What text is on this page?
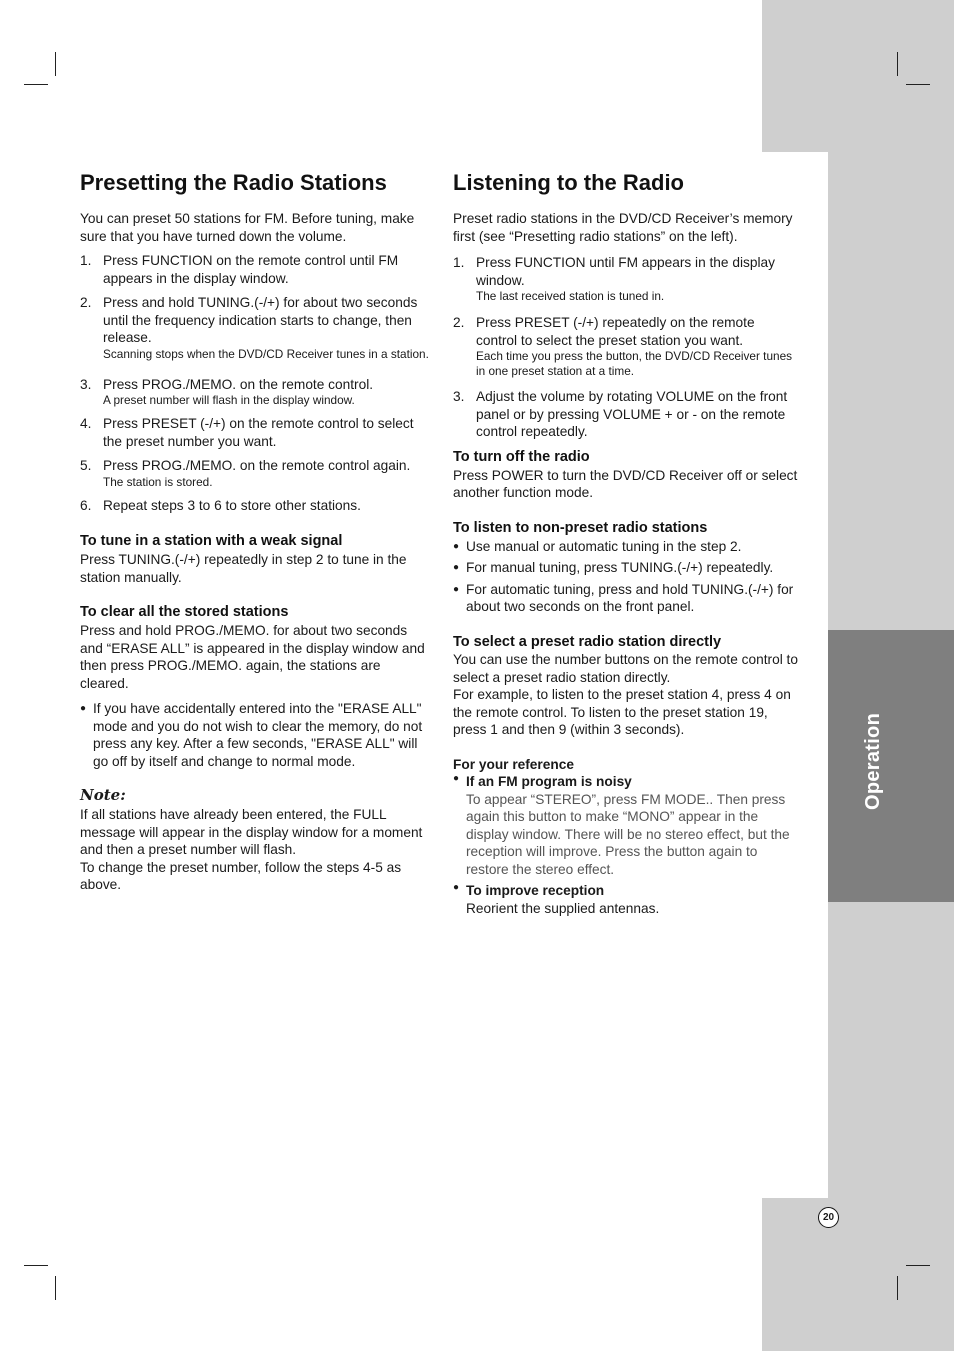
Operation
20
Presetting the Radio Stations

You can preset 50 stations for FM. Before tuning, make sure that you have turned down the volume.

1. Press FUNCTION on the remote control until FM appears in the display window.
2. Press and hold TUNING.(-/+) for about two seconds until the frequency indication starts to change, then release.
Scanning stops when the DVD/CD Receiver tunes in a station.
3. Press PROG./MEMO. on the remote control.
A preset number will flash in the display window.
4. Press PRESET (-/+) on the remote control to select the preset number you want.
5. Press PROG./MEMO. on the remote control again.
The station is stored.
6. Repeat steps 3 to 6 to store other stations.
To tune in a station with a weak signal

Press TUNING.(-/+) repeatedly in step 2 to tune in the station manually.

To clear all the stored stations

Press and hold PROG./MEMO. for about two seconds and “ERASE ALL” is appeared in the display window and then press PROG./MEMO. again, the stations are cleared.

● If you have accidentally entered into the "ERASE ALL" mode and you do not wish to clear the memory, do not press any key. After a few seconds, "ERASE ALL" will go off by itself and change to normal mode.
Note:

If all stations have already been entered, the FULL message will appear in the display window for a moment and then a preset number will flash.

To change the preset number, follow the steps 4-5 as above.

Listening to the Radio

Preset radio stations in the DVD/CD Receiver’s memory first (see “Presetting radio stations” on the left).

1. Press FUNCTION until FM appears in the display window.
The last received station is tuned in.
2. Press PRESET (-/+) repeatedly on the remote control to select the preset station you want.
Each time you press the button, the DVD/CD Receiver tunes in one preset station at a time.
3. Adjust the volume by rotating VOLUME on the front panel or by pressing VOLUME + or - on the remote control repeatedly.
To turn off the radio

Press POWER to turn the DVD/CD Receiver off or select another function mode.

To listen to non-preset radio stations
● Use manual or automatic tuning in the step 2.
● For manual tuning, press TUNING.(-/+) repeatedly.
● For automatic tuning, press and hold TUNING.(-/+) for about two seconds on the front panel.
To select a preset radio station directly

You can use the number buttons on the remote control to select a preset radio station directly.

For example, to listen to the preset station 4, press 4 on the remote control. To listen to the preset station 19, press 1 and then 9 (within 3 seconds).

For your reference
● If an FM program is noisy
To appear “STEREO”, press FM MODE.. Then press again this button to make “MONO” appear in the display window. There will be no stereo effect, but the reception will improve. Press the button again to restore the stereo effect.
● To improve reception
Reorient the supplied antennas.
